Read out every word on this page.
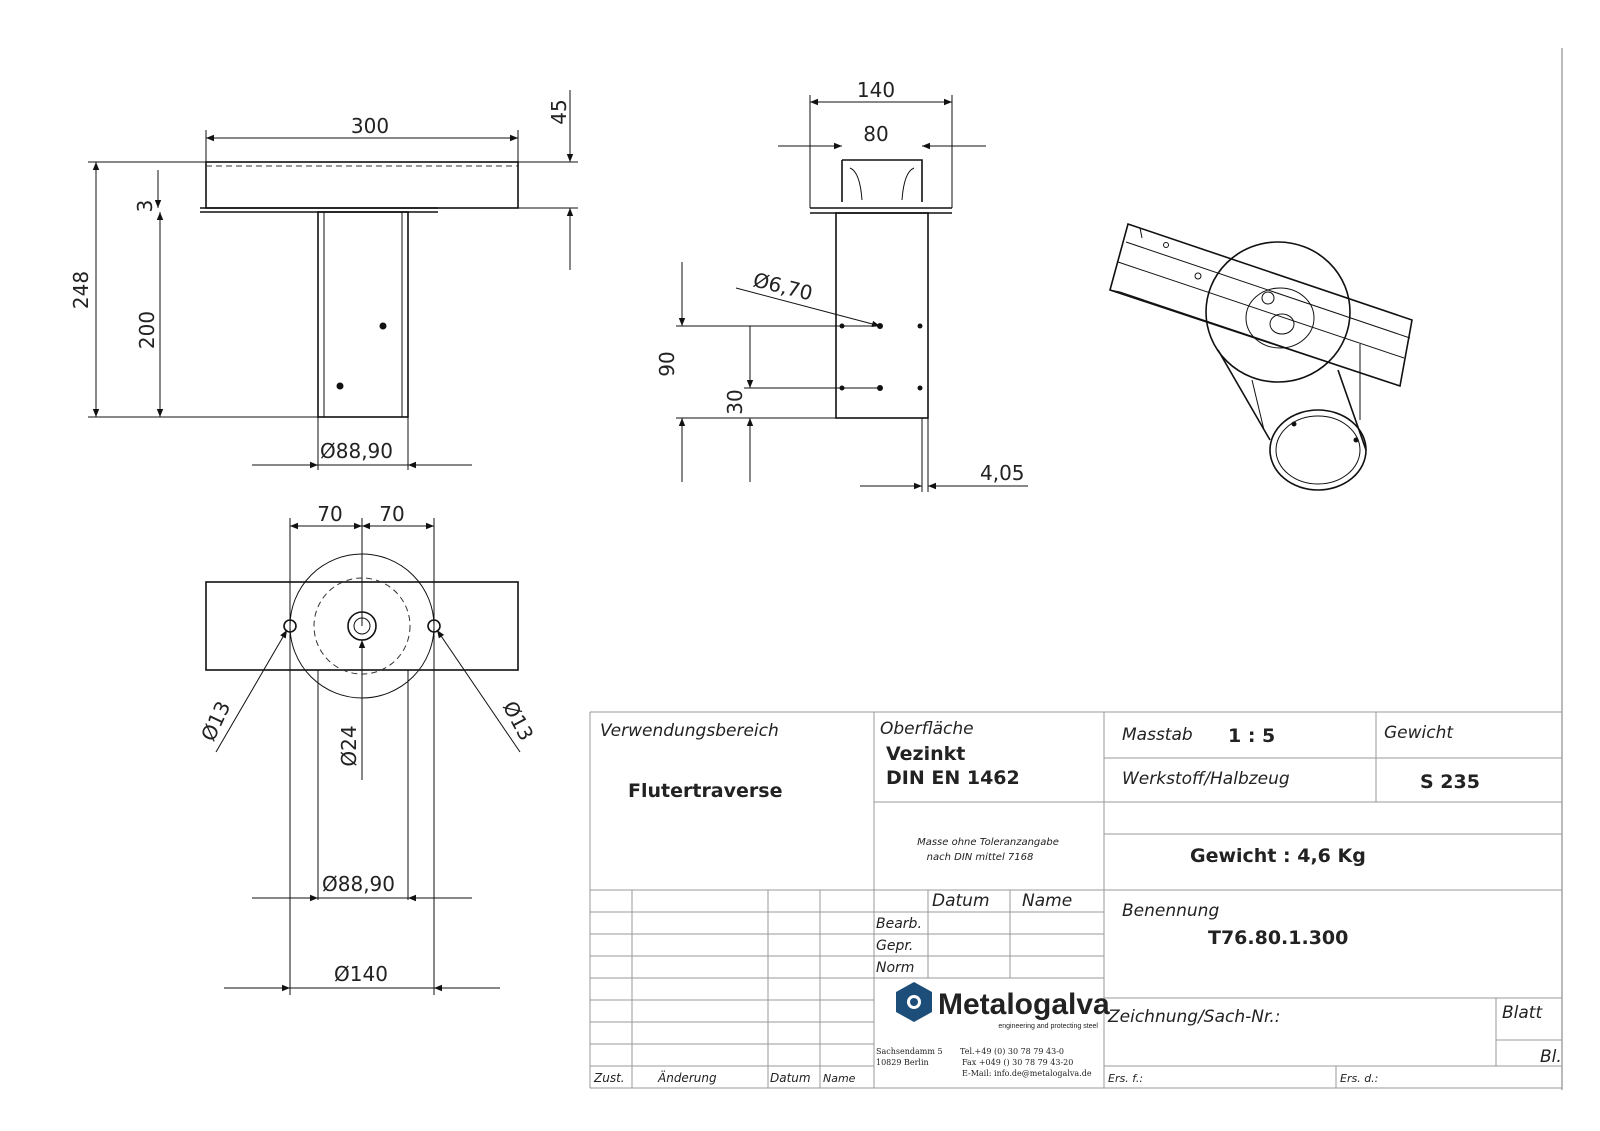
300
45
248
3
200
Ø88,90
140
80
Ø6,70
90
30
4,05
70 70
Ø13	Ø13
Ø24
Ø88,90
Ø140
Verwendungsbereich
Flutertraverse
Oberfläche
Vezinkt
DIN EN 1462
Masstab 1 : 5	Gewicht
Werkstoff/Halbzeug	S 235
Masse ohne Toleranzangabe
nach DIN mittel 7168	Gewicht : 4,6 Kg
Datum Name
Bearb.
Gepr.
Norm
Benennung
T76.80.1.300
Zeichnung/Sach-Nr.:	Blatt
Bl.
Zust.	Änderung	Datum Name	Ers. f.:	Ers. d.:
Metalogalva
engineering and protecting steel
Sachsendamm 5
10829 Berlin
Tel.+49 (0) 30 78 79 43-0
Fax +049 () 30 78 79 43-20
E-Mail: info.de@metalogalva.de
